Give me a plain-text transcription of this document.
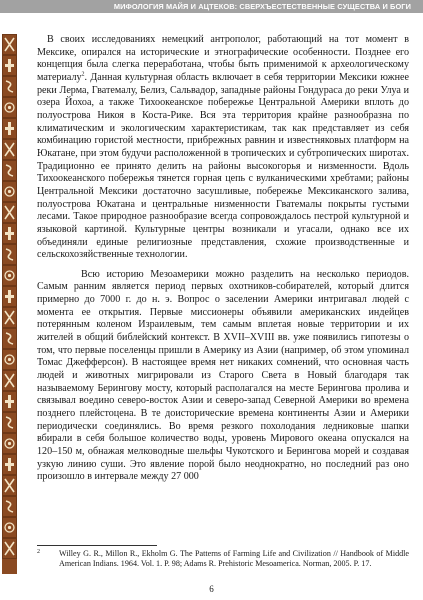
МИФОЛОГИЯ МАЙЯ И АЦТЕКОВ: СВЕРХЪЕСТЕСТВЕННЫЕ СУЩЕСТВА И БОГИ

В своих исследованиях немецкий антрополог, работающий на тот момент в Мексике, опирался на исторические и этнографические особенности. Позднее его концепция была слегка переработана, чтобы быть применимой к археологическому материалу$^2$. Данная культурная область включает в себя территории Мексики южнее реки Лерма, Гватемалу, Белиз, Сальвадор, западные районы Гондураса до реки Улуа и озера Йохоа, а также Тихоокеанское побережье Центральной Америки вплоть до полуострова Никоя в Коста-Рике. Вся эта территория крайне разнообразна по климатическим и экологическим характеристикам, так как представляет из себя комбинацию гористой местности, прибрежных равнин и известняковых платформ на Юкатане, при этом будучи расположенной в тропических и субтропических широтах. Традиционно ее принято делить на районы высокогорья и низменности. Вдоль Тихоокеанского побережья тянется горная цепь с вулканическими хребтами; районы Центральной Мексики достаточно засушливые, побережье Мексиканского залива, полуострова Юкатана и центральные низменности Гватемалы покрыты густыми лесами. Такое природное разнообразие всегда сопровождалось пестрой культурной и языковой картиной. Культурные центры возникали и угасали, однако все их объединяли единые религиозные представления, схожие производственные и сельскохозяйственные технологии.

Всю историю Мезоамерики можно разделить на несколько периодов. Самым ранним является период первых охотников-собирателей, который длится примерно до 7000 г. до н. э. Вопрос о заселении Америки интригавал людей с момента ее открытия. Первые миссионеры объявили американских индейцев потерянным коленом Израилевым, тем самым вплетая новые территории и их жителей в общий библейский контекст. В XVII–XVIII вв. уже появились гипотезы о том, что первые поселенцы пришли в Америку из Азии (например, об этом упоминал Томас Джефферсон). В настоящее время нет никаких сомнений, что основная часть людей и животных мигрировали из Старого Света в Новый благодаря так называемому Берингову мосту, который располагался на месте Берингова пролива и связывал воедино северо-восток Азии и северо-запад Северной Америки во времена позднего плейстоцена. В те доисторические времена континенты Азии и Америки периодически соединялись. Во время резкого похолодания ледниковые шапки вбирали в себя большое количество воды, уровень Мирового океана опускался на 120–150 м, обнажая мелководные шельфы Чукотского и Берингова морей и создавая узкую линию суши. Это явление порой было неоднократно, но последний раз оно произошло в интервале между 27 000

2	Willey G. R., Millon R., Ekholm G. The Patterns of Farming Life and Civilization // Handbook of Middle American Indians. 1964. Vol. 1. P. 98; Adams R. Prehistoric Mesoamerica. Norman, 2005. P. 17.
6
